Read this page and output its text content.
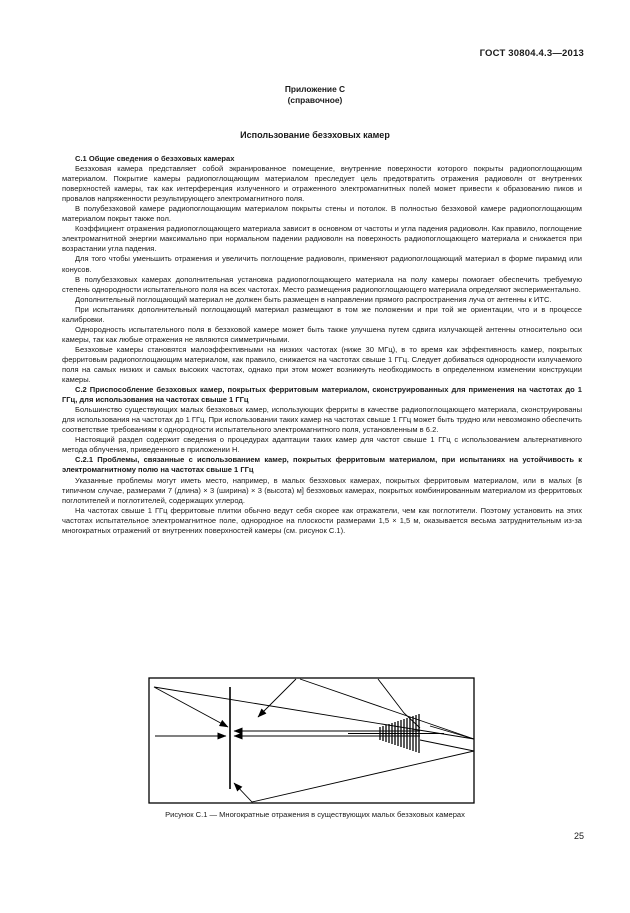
ГОСТ 30804.4.3—2013
Приложение С
(справочное)
Использование безэховых камер

С.1 Общие сведения о безэховых камерах

Безэховая камера представляет собой экранированное помещение, внутренние поверхности которого покрыты радиопоглощающим материалом. Покрытие камеры радиопоглощающим материалом преследует цель предотвратить отражения радиоволн от внутренних поверхностей камеры, так как интерференция излученного и отраженного электромагнитных полей может привести к образованию пиков и провалов напряженности результирующего электромагнитного поля.

В полубезэховой камере радиопоглощающим материалом покрыты стены и потолок. В полностью безэховой камере радиопоглощающим материалом покрыт также пол.

Коэффициент отражения радиопоглощающего материала зависит в основном от частоты и угла падения радиоволн. Как правило, поглощение электромагнитной энергии максимально при нормальном падении радиоволн на поверхность радиопоглощающего материала и снижается при возрастании угла падения.

Для того чтобы уменьшить отражения и увеличить поглощение радиоволн, применяют радиопоглощающий материал в форме пирамид или конусов.

В полубезэховых камерах дополнительная установка радиопоглощающего материала на полу камеры помогает обеспечить требуемую степень однородности испытательного поля на всех частотах. Место размещения радиопоглощающего материала определяют экспериментально.

Дополнительный поглощающий материал не должен быть размещен в направлении прямого распространения луча от антенны к ИТС.

При испытаниях дополнительный поглощающий материал размещают в том же положении и при той же ориентации, что и в процессе калибровки.

Однородность испытательного поля в безэховой камере может быть также улучшена путем сдвига излучающей антенны относительно оси камеры, так как любые отражения не являются симметричными.

Безэховые камеры становятся малоэффективными на низких частотах (ниже 30 МГц), в то время как эффективность камер, покрытых ферритовым радиопоглощающим материалом, как правило, снижается на частотах свыше 1 ГГц. Следует добиваться однородности излучаемого поля на самых низких и самых высоких частотах, однако при этом может возникнуть необходимость в определенном изменении конструкции камеры.

С.2 Приспособление безэховых камер, покрытых ферритовым материалом, сконструированных для применения на частотах до 1 ГГц, для использования на частотах свыше 1 ГГц

Большинство существующих малых безэховых камер, использующих ферриты в качестве радиопоглощающего материала, сконструированы для использования на частотах до 1 ГГц. При использовании таких камер на частотах свыше 1 ГГц может быть трудно или невозможно обеспечить соответствие требованиям к однородности испытательного электромагнитного поля, установленным в 6.2.

Настоящий раздел содержит сведения о процедурах адаптации таких камер для частот свыше 1 ГГц с использованием альтернативного метода облучения, приведенного в приложении Н.

С.2.1 Проблемы, связанные с использованием камер, покрытых ферритовым материалом, при испытаниях на устойчивость к электромагнитному полю на частотах свыше 1 ГГц

Указанные проблемы могут иметь место, например, в малых безэховых камерах, покрытых ферритовым материалом, или в малых [в типичном случае, размерами 7 (длина) × 3 (ширина) × 3 (высота) м] безэховых камерах, покрытых комбинированным материалом из ферритовых поглотителей и поглотителей, содержащих углерод.

На частотах свыше 1 ГГц ферритовые плитки обычно ведут себя скорее как отражатели, чем как поглотители. Поэтому установить на этих частотах испытательное электромагнитное поле, однородное на плоскости размерами 1,5 × 1,5 м, оказывается весьма затруднительным из-за многократных отражений от внутренних поверхностей камеры (см. рисунок С.1).

Рисунок С.1 — Многократные отражения в существующих малых безэховых камерах
25
